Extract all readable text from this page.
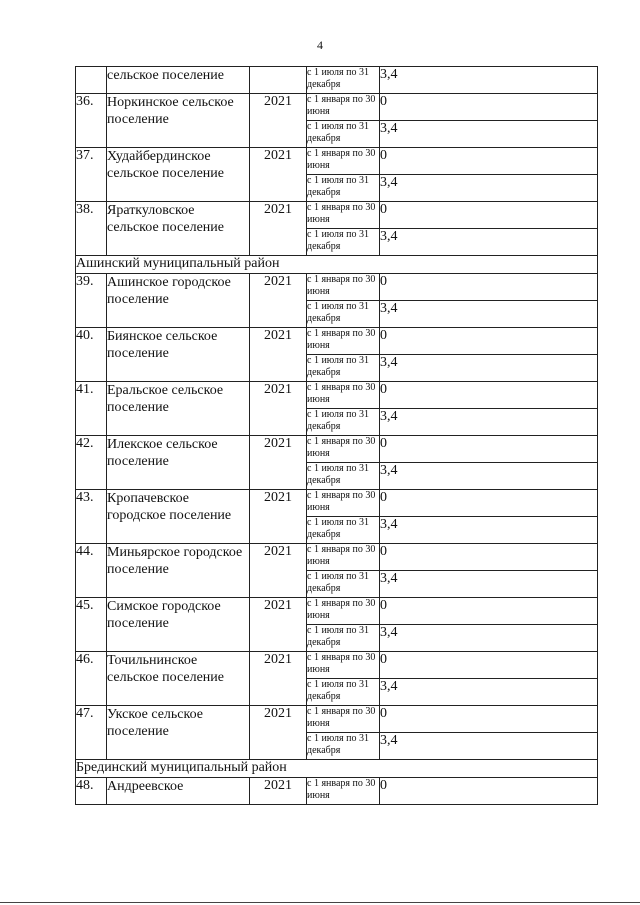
4
	сельское поселение		с 1 июля по 31 декабря	3,4
36.	Норкинское сельское поселение	2021	с 1 января по 30 июня	0
			с 1 июля по 31 декабря	3,4
37.	Худайбердинское сельское поселение	2021	с 1 января по 30 июня	0
			с 1 июля по 31 декабря	3,4
38.	Яраткуловское сельское поселение	2021	с 1 января по 30 июня	0
			с 1 июля по 31 декабря	3,4
Ашинский муниципальный район				
39.	Ашинское городское поселение	2021	с 1 января по 30 июня	0
			с 1 июля по 31 декабря	3,4
40.	Биянское сельское поселение	2021	с 1 января по 30 июня	0
			с 1 июля по 31 декабря	3,4
41.	Еральское сельское поселение	2021	с 1 января по 30 июня	0
			с 1 июля по 31 декабря	3,4
42.	Илекское сельское поселение	2021	с 1 января по 30 июня	0
			с 1 июля по 31 декабря	3,4
43.	Кропачевское городское поселение	2021	с 1 января по 30 июня	0
			с 1 июля по 31 декабря	3,4
44.	Миньярское городское поселение	2021	с 1 января по 30 июня	0
			с 1 июля по 31 декабря	3,4
45.	Симское городское поселение	2021	с 1 января по 30 июня	0
			с 1 июля по 31 декабря	3,4
46.	Точильнинское сельское поселение	2021	с 1 января по 30 июня	0
			с 1 июля по 31 декабря	3,4
47.	Укское сельское поселение	2021	с 1 января по 30 июня	0
			с 1 июля по 31 декабря	3,4
Брединский муниципальный район				
48.	Андреевское	2021	с 1 января по 30 июня	0
